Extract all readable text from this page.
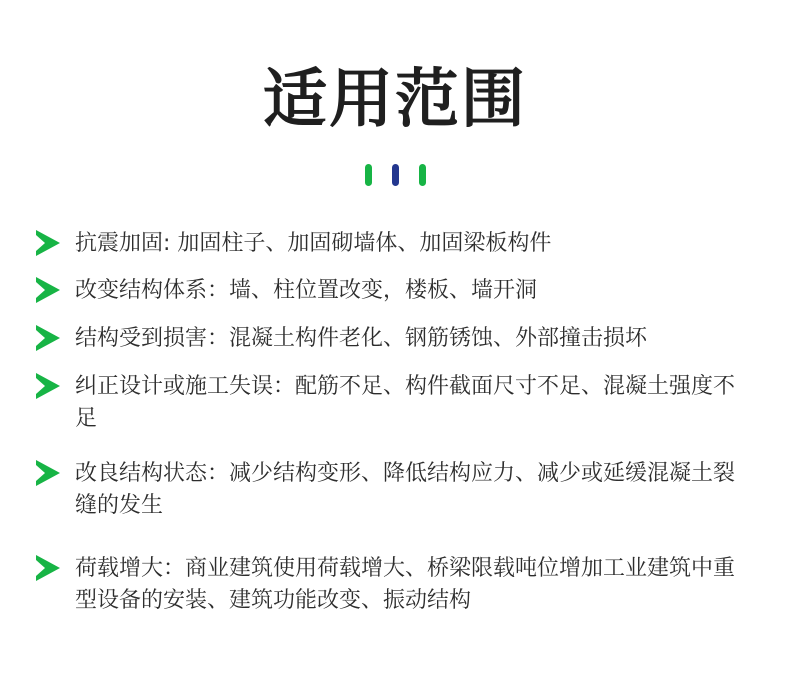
适用范围
抗震加固: 加固柱子、加固砌墙体、加固梁板构件
改变结构体系：墙、柱位置改变，楼板、墙开洞
结构受到损害：混凝土构件老化、钢筋锈蚀、外部撞击损坏
纠正设计或施工失误：配筋不足、构件截面尺寸不足、混凝土强度不足
改良结构状态：减少结构变形、降低结构应力、减少或延缓混凝土裂缝的发生
荷载增大：商业建筑使用荷载增大、桥梁限载吨位增加工业建筑中重型设备的安装、建筑功能改变、振动结构
